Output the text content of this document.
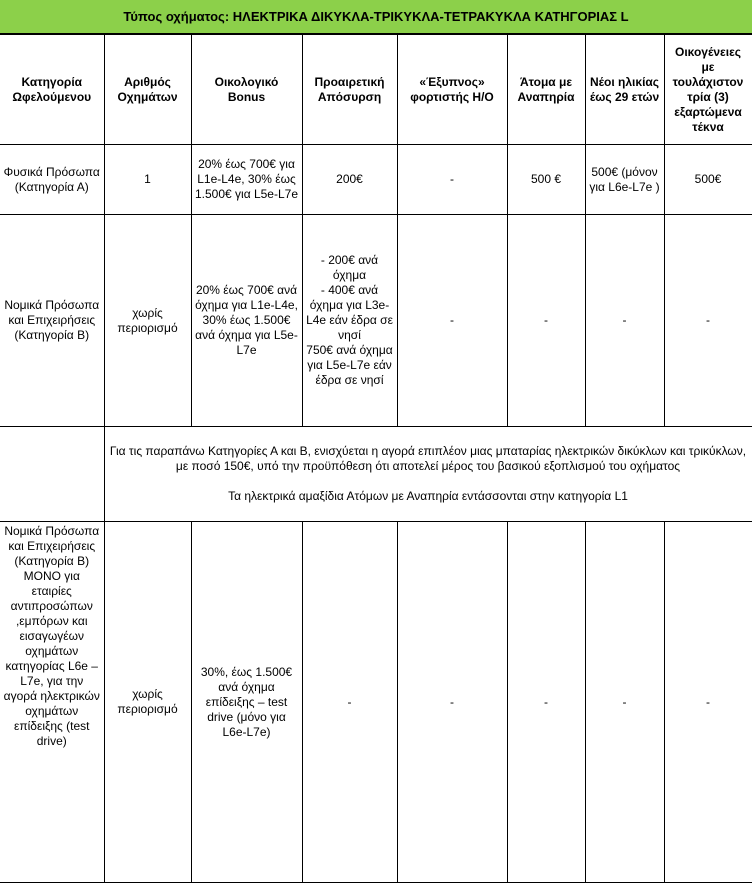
Τύπος οχήματος: ΗΛΕΚΤΡΙΚΑ ΔΙΚΥΚΛΑ-ΤΡΙΚΥΚΛΑ-ΤΕΤΡΑΚΥΚΛΑ ΚΑΤΗΓΟΡΙΑΣ L
Κατηγορία Ωφελούμενου	Αριθμός Οχημάτων	Οικολογικό Bonus	Προαιρετική Απόσυρση	«Έξυπνος» φορτιστής Η/Ο	Άτομα με Αναπηρία	Νέοι ηλικίας έως 29 ετών	Οικογένειες με τουλάχιστον τρία (3) εξαρτώμενα τέκνα
Φυσικά Πρόσωπα (Κατηγορία Α)	1	20% έως 700€ για L1e-L4e, 30% έως 1.500€ για L5e-L7e	200€	-	500 €	500€ (μόνον για L6e-L7e )	500€
Νομικά Πρόσωπα και Επιχειρήσεις (Κατηγορία Β)	χωρίς περιορισμό	20% έως 700€ ανά όχημα για L1e-L4e, 30% έως 1.500€ ανά όχημα για L5e-L7e	- 200€ ανά όχημα
- 400€ ανά όχημα για L3e-L4e εάν έδρα σε νησί
750€ ανά όχημα για L5e-L7e εάν έδρα σε νησί	-	-	-	-

	Για τις παραπάνω Κατηγορίες Α και Β, ενισχύεται η αγορά επιπλέον μιας μπαταρίας ηλεκτρικών δικύκλων και τρικύκλων, με ποσό 150€, υπό την προϋπόθεση ότι αποτελεί μέρος του βασικού εξοπλισμού του οχήματος

Τα ηλεκτρικά αμαξίδια Ατόμων με Αναπηρία εντάσσονται στην κατηγορία L1						

Νομικά Πρόσωπα και Επιχειρήσεις (Κατηγορία Β) ΜΟΝΟ για εταιρίες αντιπροσώπων ,εμπόρων και εισαγωγέων οχημάτων κατηγορίας L6e – L7e, για την αγορά ηλεκτρικών οχημάτων επίδειξης (test drive)	χωρίς περιορισμό	30%, έως 1.500€ ανά όχημα επίδειξης – test drive (μόνο για L6e-L7e)	-	-	-	-	-
